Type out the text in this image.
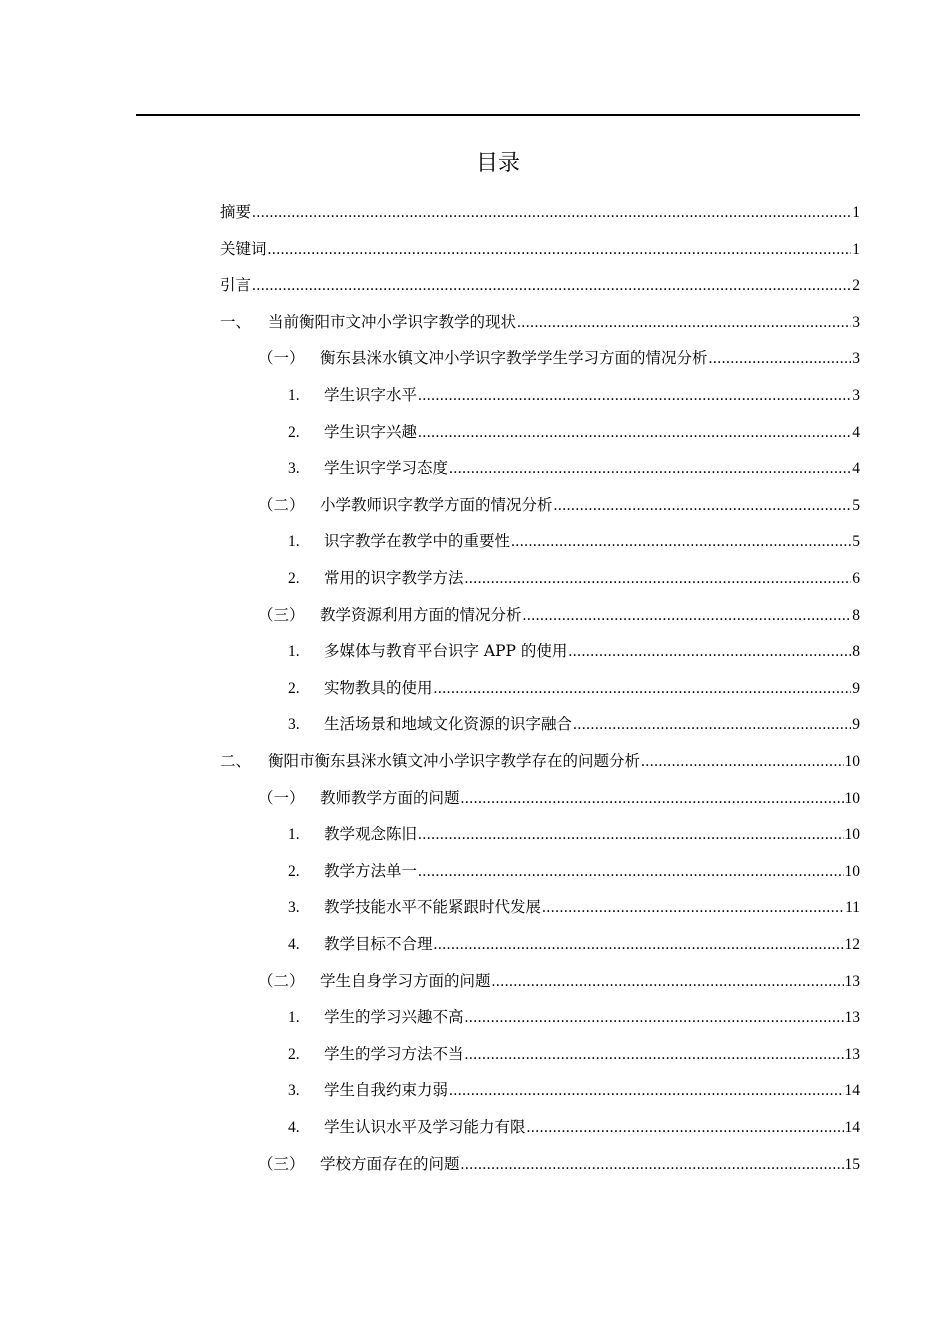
目录
摘要 .....	1
关键词 .....	1
引言 .....	2
一、	当前衡阳市文冲小学识字教学的现状 .....	3
（一） 衡东县洣水镇文冲小学识字教学学生学习方面的情况分析 .....	3
1.	学生识字水平 .....	3
2.	学生识字兴趣 .....	4
3.	学生识字学习态度 .....	4
（二） 小学教师识字教学方面的情况分析 .....	5
1.	识字教学在教学中的重要性 .....	5
2.	常用的识字教学方法 .....	6
（三） 教学资源利用方面的情况分析 .....	8
1.	多媒体与教育平台识字 APP 的使用 .....	8
2.	实物教具的使用 .....	9
3.	生活场景和地域文化资源的识字融合 .....	9
二、	衡阳市衡东县洣水镇文冲小学识字教学存在的问题分析 .....	10
（一） 教师教学方面的问题 .....	10
1.	教学观念陈旧 .....	10
2.	教学方法单一 .....	10
3.	教学技能水平不能紧跟时代发展 .....	11
4.	教学目标不合理 .....	12
（二） 学生自身学习方面的问题 .....	13
1.	学生的学习兴趣不高 .....	13
2.	学生的学习方法不当 .....	13
3.	学生自我约束力弱 .....	14
4.	学生认识水平及学习能力有限 .....	14
（三） 学校方面存在的问题 .....	15
